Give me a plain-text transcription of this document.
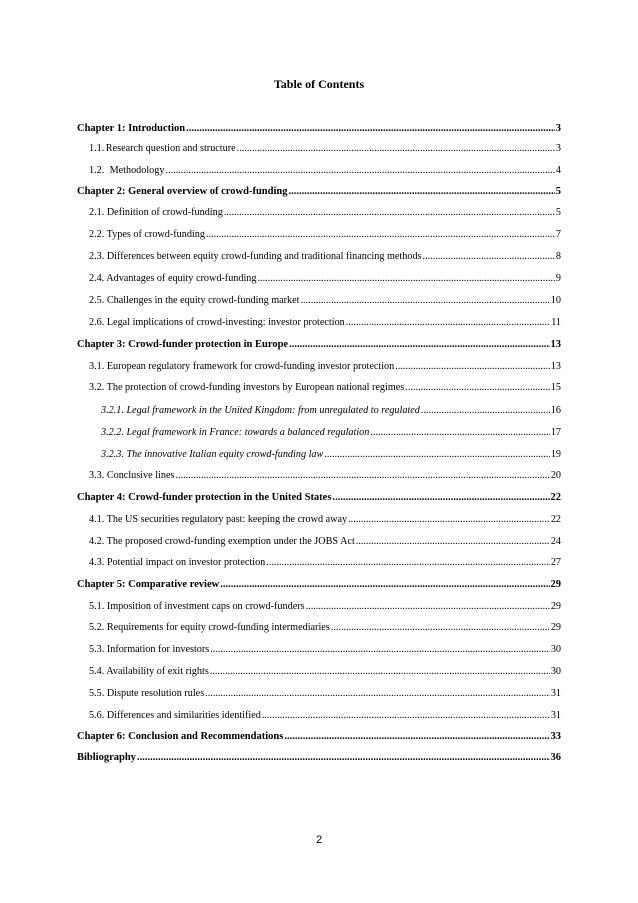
Table of Contents
Chapter 1: Introduction .....	3
1.1. Research question and structure .....	3
1.2. Methodology .....	4
Chapter 2: General overview of crowd-funding .....	5
2.1. Definition of crowd-funding .....	5
2.2. Types of crowd-funding .....	7
2.3. Differences between equity crowd-funding and traditional financing methods .....	8
2.4. Advantages of equity crowd-funding .....	9
2.5. Challenges in the equity crowd-funding market .....	10
2.6. Legal implications of crowd-investing: investor protection .....	11
Chapter 3: Crowd-funder protection in Europe .....	13
3.1. European regulatory framework for crowd-funding investor protection .....	13
3.2. The protection of crowd-funding investors by European national regimes .....	15
3.2.1. Legal framework in the United Kingdom: from unregulated to regulated .....	16
3.2.2. Legal framework in France: towards a balanced regulation .....	17
3.2.3. The innovative Italian equity crowd-funding law .....	19
3.3. Conclusive lines .....	20
Chapter 4: Crowd-funder protection in the United States .....	22
4.1. The US securities regulatory past: keeping the crowd away .....	22
4.2. The proposed crowd-funding exemption under the JOBS Act .....	24
4.3. Potential impact on investor protection .....	27
Chapter 5: Comparative review .....	29
5.1. Imposition of investment caps on crowd-funders .....	29
5.2. Requirements for equity crowd-funding intermediaries .....	29
5.3. Information for investors .....	30
5.4. Availability of exit rights .....	30
5.5. Dispute resolution rules .....	31
5.6. Differences and similarities identified .....	31
Chapter 6: Conclusion and Recommendations .....	33
Bibliography .....	36
2
